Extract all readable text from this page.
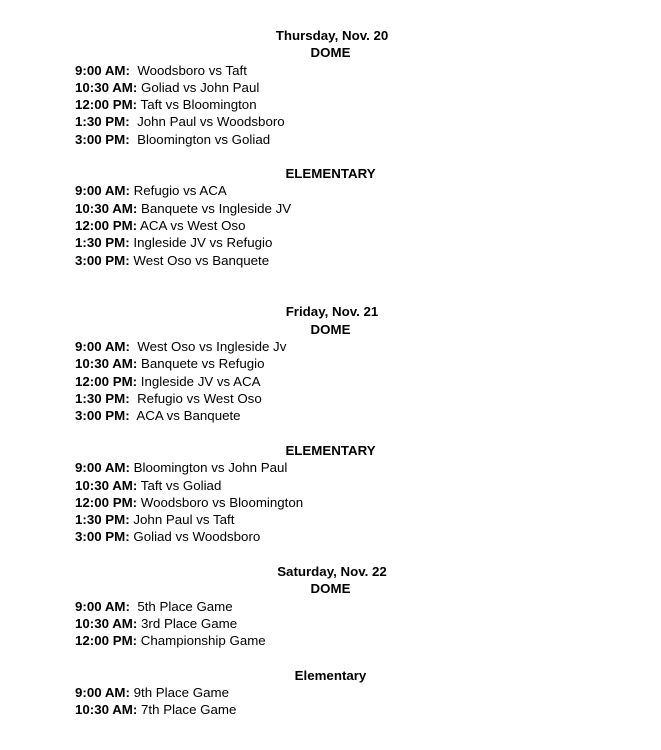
Thursday, Nov. 20
DOME
9:00 AM: Woodsboro vs Taft
10:30 AM: Goliad vs John Paul
12:00 PM: Taft vs Bloomington
1:30 PM: John Paul vs Woodsboro
3:00 PM: Bloomington vs Goliad
ELEMENTARY
9:00 AM: Refugio vs ACA
10:30 AM: Banquete vs Ingleside JV
12:00 PM: ACA vs West Oso
1:30 PM: Ingleside JV vs Refugio
3:00 PM: West Oso vs Banquete
Friday, Nov. 21
DOME
9:00 AM: West Oso vs Ingleside Jv
10:30 AM: Banquete vs Refugio
12:00 PM: Ingleside JV vs ACA
1:30 PM: Refugio vs West Oso
3:00 PM: ACA vs Banquete
ELEMENTARY
9:00 AM: Bloomington vs John Paul
10:30 AM: Taft vs Goliad
12:00 PM: Woodsboro vs Bloomington
1:30 PM: John Paul vs Taft
3:00 PM: Goliad vs Woodsboro
Saturday, Nov. 22
DOME
9:00 AM: 5th Place Game
10:30 AM: 3rd Place Game
12:00 PM: Championship Game
Elementary
9:00 AM: 9th Place Game
10:30 AM: 7th Place Game
